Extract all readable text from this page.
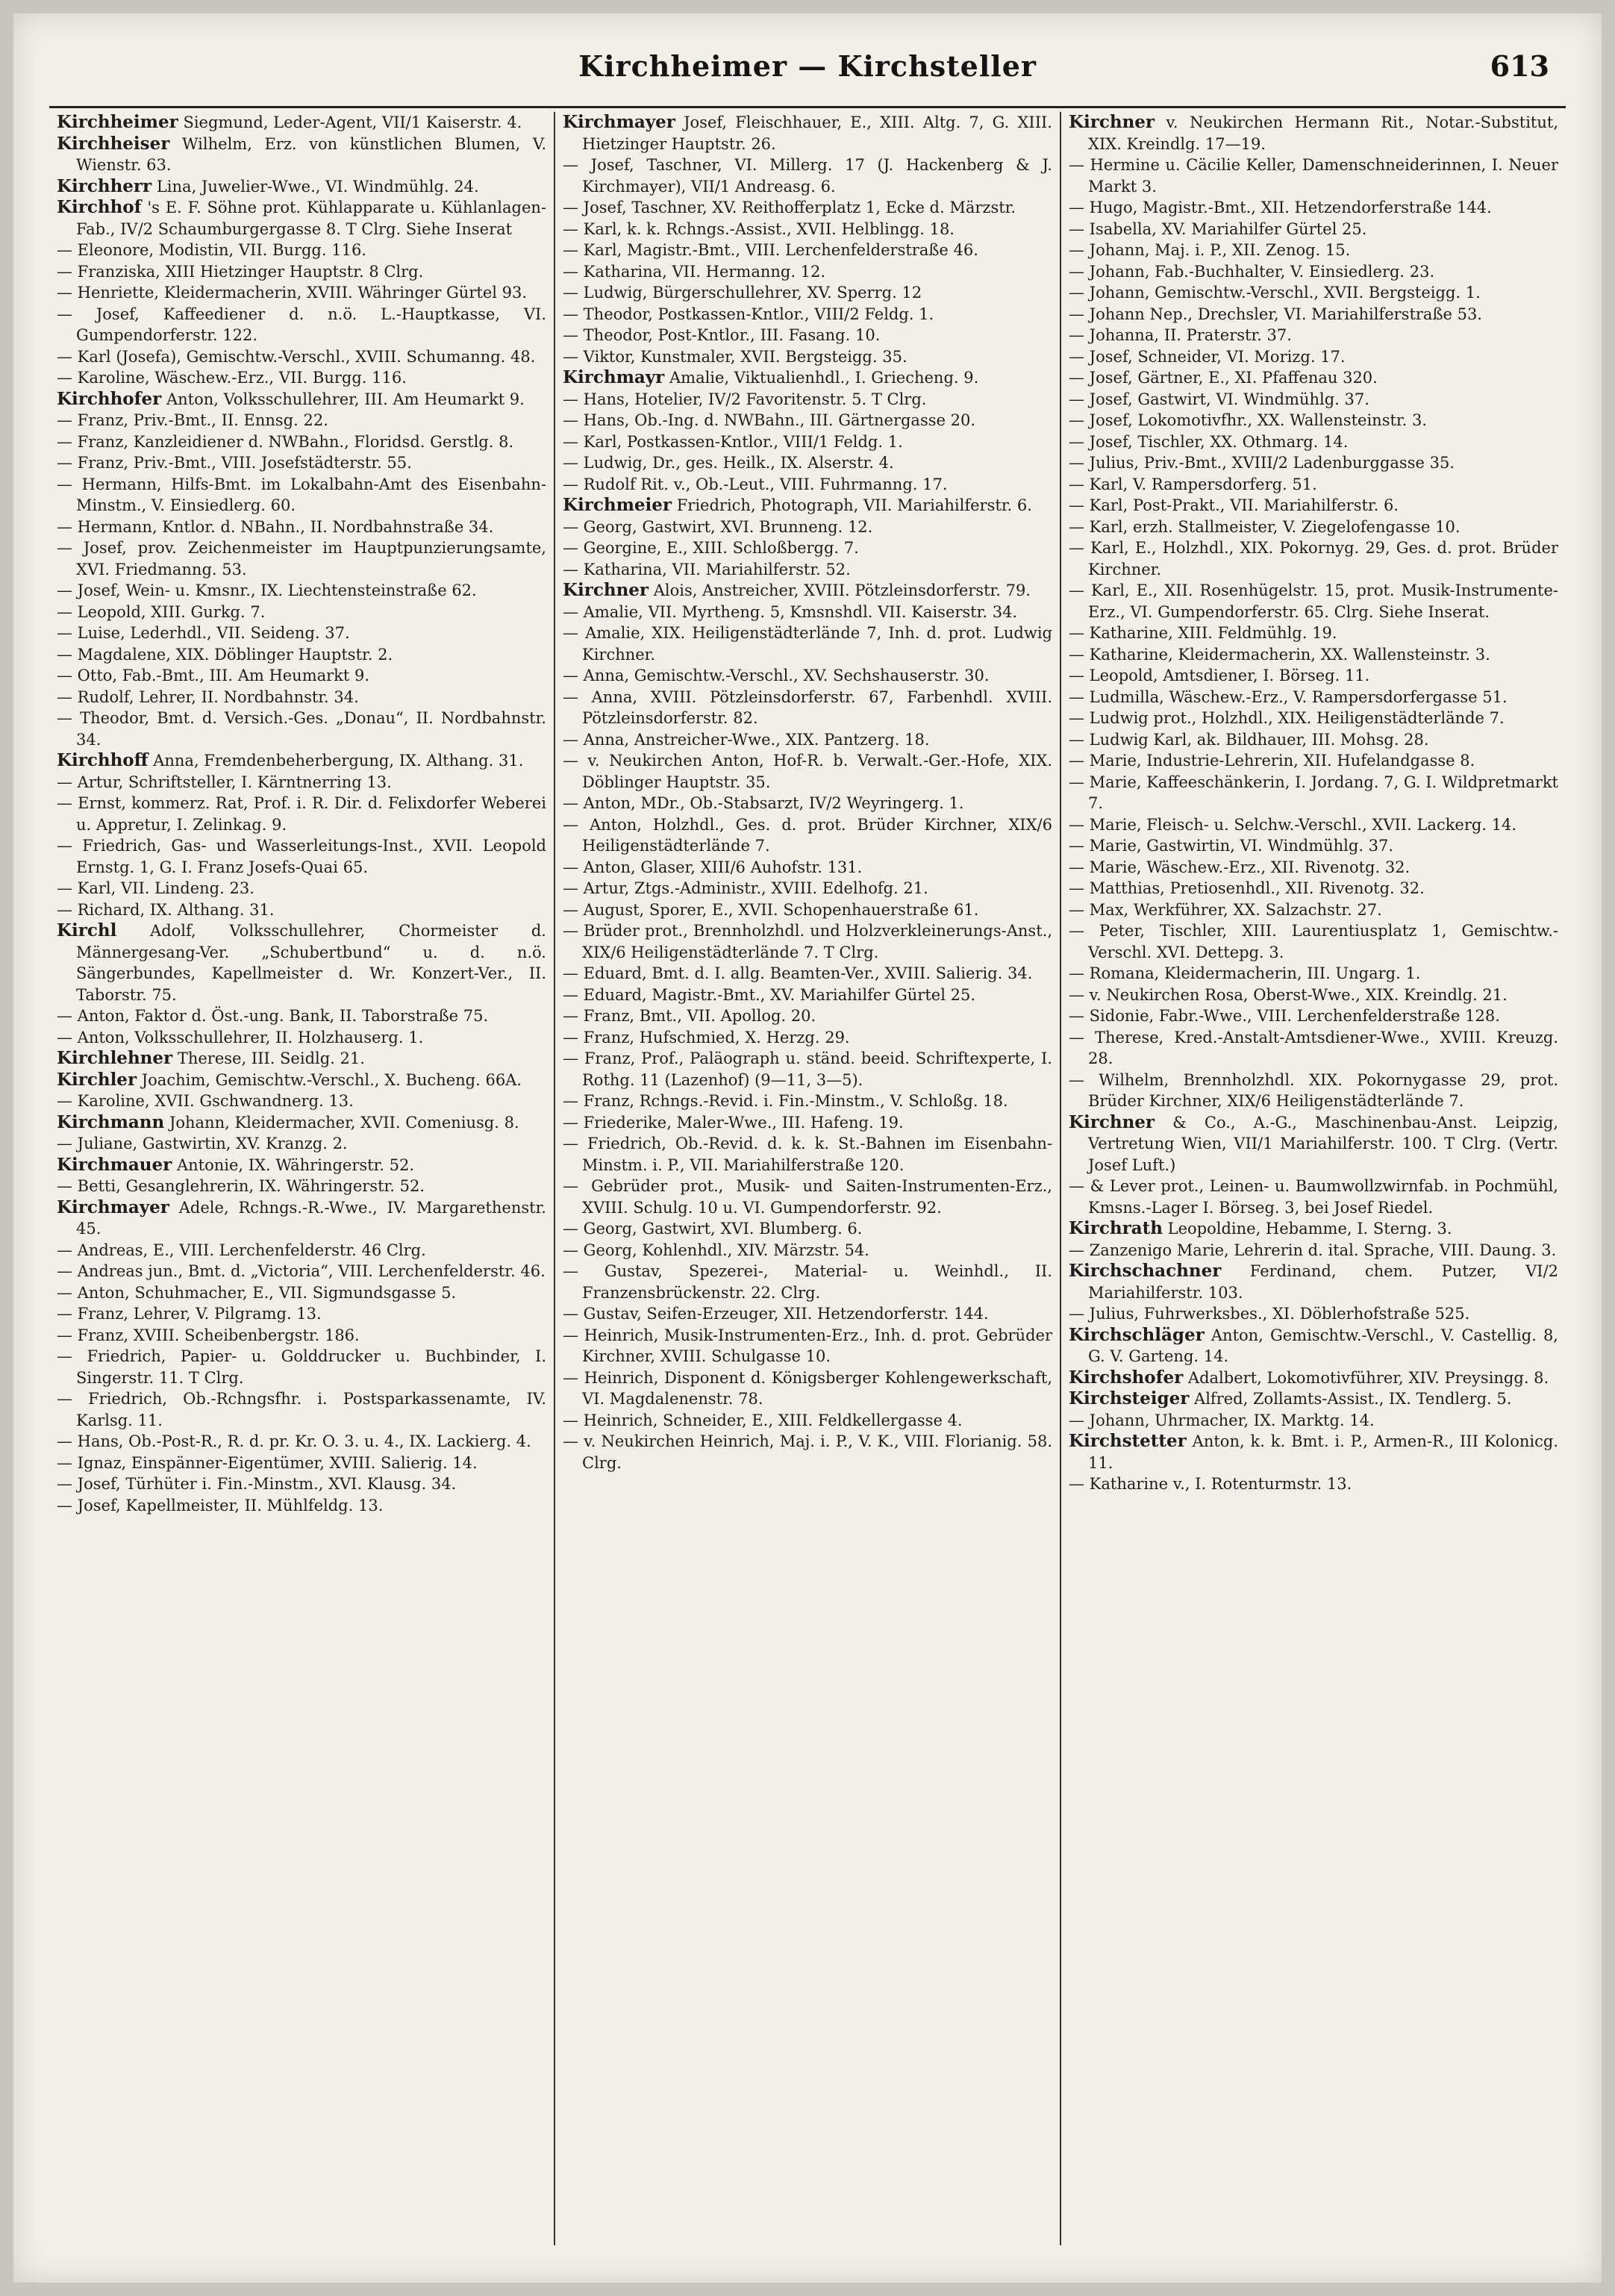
Kirchheimer — Kirchsteller	613
Kirchheimer Siegmund, Leder-Agent, VII/1 Kaiserstr. 4.
Kirchheiser Wilhelm, Erz. von künstlichen Blumen, V. Wienstr. 63.
Kirchherr Lina, Juwelier-Wwe., VI. Windmühlg. 24.
Kirchhof 's E. F. Söhne prot. Kühlapparate u. Kühlanlagen-Fab., IV/2 Schaumburgergasse 8. T Clrg. Siehe Inserat
— Eleonore, Modistin, VII. Burgg. 116.
— Franziska, XIII Hietzinger Hauptstr. 8 Clrg.
— Henriette, Kleidermacherin, XVIII. Währinger Gürtel 93.
— Josef, Kaffeediener d. n.ö. L.-Hauptkasse, VI. Gumpendorferstr. 122.
— Karl (Josefa), Gemischtw.-Verschl., XVIII. Schumanng. 48.
— Karoline, Wäschew.-Erz., VII. Burgg. 116.
Kirchhofer Anton, Volksschullehrer, III. Am Heumarkt 9.
— Franz, Priv.-Bmt., II. Ennsg. 22.
— Franz, Kanzleidiener d. NWBahn., Floridsd. Gerstlg. 8.
— Franz, Priv.-Bmt., VIII. Josefstädterstr. 55.
— Hermann, Hilfs-Bmt. im Lokalbahn-Amt des Eisenbahn-Minstm., V. Einsiedlerg. 60.
— Hermann, Kntlor. d. NBahn., II. Nordbahnstraße 34.
— Josef, prov. Zeichenmeister im Hauptpunzierungsamte, XVI. Friedmanng. 53.
— Josef, Wein- u. Kmsnr., IX. Liechtensteinstraße 62.
— Leopold, XIII. Gurkg. 7.
— Luise, Lederhdl., VII. Seideng. 37.
— Magdalene, XIX. Döblinger Hauptstr. 2.
— Otto, Fab.-Bmt., III. Am Heumarkt 9.
— Rudolf, Lehrer, II. Nordbahnstr. 34.
— Theodor, Bmt. d. Versich.-Ges. „Donau“, II. Nordbahnstr. 34.
Kirchhoff Anna, Fremdenbeherbergung, IX. Althang. 31.
— Artur, Schriftsteller, I. Kärntnerring 13.
— Ernst, kommerz. Rat, Prof. i. R. Dir. d. Felixdorfer Weberei u. Appretur, I. Zelinkag. 9.
— Friedrich, Gas- und Wasserleitungs-Inst., XVII. Leopold Ernstg. 1, G. I. Franz Josefs-Quai 65.
— Karl, VII. Lindeng. 23.
— Richard, IX. Althang. 31.
Kirchl Adolf, Volksschullehrer, Chormeister d. Männergesang-Ver. „Schubertbund“ u. d. n.ö. Sängerbundes, Kapellmeister d. Wr. Konzert-Ver., II. Taborstr. 75.
— Anton, Faktor d. Öst.-ung. Bank, II. Taborstraße 75.
— Anton, Volksschullehrer, II. Holzhauserg. 1.
Kirchlehner Therese, III. Seidlg. 21.
Kirchler Joachim, Gemischtw.-Verschl., X. Bucheng. 66A.
— Karoline, XVII. Gschwandnerg. 13.
Kirchmann Johann, Kleidermacher, XVII. Comeniusg. 8.
— Juliane, Gastwirtin, XV. Kranzg. 2.
Kirchmauer Antonie, IX. Währingerstr. 52.
— Betti, Gesanglehrerin, IX. Währingerstr. 52.
Kirchmayer Adele, Rchngs.-R.-Wwe., IV. Margarethenstr. 45.
— Andreas, E., VIII. Lerchenfelderstr. 46 Clrg.
— Andreas jun., Bmt. d. „Victoria“, VIII. Lerchenfelderstr. 46.
— Anton, Schuhmacher, E., VII. Sigmundsgasse 5.
— Franz, Lehrer, V. Pilgramg. 13.
— Franz, XVIII. Scheibenbergstr. 186.
— Friedrich, Papier- u. Golddrucker u. Buchbinder, I. Singerstr. 11. T Clrg.
— Friedrich, Ob.-Rchngsfhr. i. Postsparkassenamte, IV. Karlsg. 11.
— Hans, Ob.-Post-R., R. d. pr. Kr. O. 3. u. 4., IX. Lackierg. 4.
— Ignaz, Einspänner-Eigentümer, XVIII. Salierig. 14.
— Josef, Türhüter i. Fin.-Minstm., XVI. Klausg. 34.
— Josef, Kapellmeister, II. Mühlfeldg. 13.
Kirchmayer Josef, Fleischhauer, E., XIII. Altg. 7, G. XIII. Hietzinger Hauptstr. 26.
— Josef, Taschner, VI. Millerg. 17 (J. Hackenberg & J. Kirchmayer), VII/1 Andreasg. 6.
— Josef, Taschner, XV. Reithofferplatz 1, Ecke d. Märzstr.
— Karl, k. k. Rchngs.-Assist., XVII. Helblingg. 18.
— Karl, Magistr.-Bmt., VIII. Lerchenfelderstraße 46.
— Katharina, VII. Hermanng. 12.
— Ludwig, Bürgerschullehrer, XV. Sperrg. 12
— Theodor, Postkassen-Kntlor., VIII/2 Feldg. 1.
— Theodor, Post-Kntlor., III. Fasang. 10.
— Viktor, Kunstmaler, XVII. Bergsteigg. 35.
Kirchmayr Amalie, Viktualienhdl., I. Griecheng. 9.
— Hans, Hotelier, IV/2 Favoritenstr. 5. T Clrg.
— Hans, Ob.-Ing. d. NWBahn., III. Gärtnergasse 20.
— Karl, Postkassen-Kntlor., VIII/1 Feldg. 1.
— Ludwig, Dr., ges. Heilk., IX. Alserstr. 4.
— Rudolf Rit. v., Ob.-Leut., VIII. Fuhrmanng. 17.
Kirchmeier Friedrich, Photograph, VII. Mariahilferstr. 6.
— Georg, Gastwirt, XVI. Brunneng. 12.
— Georgine, E., XIII. Schloßbergg. 7.
— Katharina, VII. Mariahilferstr. 52.
Kirchner Alois, Anstreicher, XVIII. Pötzleinsdorferstr. 79.
— Amalie, VII. Myrtheng. 5, Kmsnshdl. VII. Kaiserstr. 34.
— Amalie, XIX. Heiligenstädterlände 7, Inh. d. prot. Ludwig Kirchner.
— Anna, Gemischtw.-Verschl., XV. Sechshauserstr. 30.
— Anna, XVIII. Pötzleinsdorferstr. 67, Farbenhdl. XVIII. Pötzleinsdorferstr. 82.
— Anna, Anstreicher-Wwe., XIX. Pantzerg. 18.
— v. Neukirchen Anton, Hof-R. b. Verwalt.-Ger.-Hofe, XIX. Döblinger Hauptstr. 35.
— Anton, MDr., Ob.-Stabsarzt, IV/2 Weyringerg. 1.
— Anton, Holzhdl., Ges. d. prot. Brüder Kirchner, XIX/6 Heiligenstädterlände 7.
— Anton, Glaser, XIII/6 Auhofstr. 131.
— Artur, Ztgs.-Administr., XVIII. Edelhofg. 21.
— August, Sporer, E., XVII. Schopenhauerstraße 61.
— Brüder prot., Brennholzhdl. und Holzverkleinerungs-Anst., XIX/6 Heiligenstädterlände 7. T Clrg.
— Eduard, Bmt. d. I. allg. Beamten-Ver., XVIII. Salierig. 34.
— Eduard, Magistr.-Bmt., XV. Mariahilfer Gürtel 25.
— Franz, Bmt., VII. Apollog. 20.
— Franz, Hufschmied, X. Herzg. 29.
— Franz, Prof., Paläograph u. ständ. beeid. Schriftexperte, I. Rothg. 11 (Lazenhof) (9—11, 3—5).
— Franz, Rchngs.-Revid. i. Fin.-Minstm., V. Schloßg. 18.
— Friederike, Maler-Wwe., III. Hafeng. 19.
— Friedrich, Ob.-Revid. d. k. k. St.-Bahnen im Eisenbahn-Minstm. i. P., VII. Mariahilferstraße 120.
— Gebrüder prot., Musik- und Saiten-Instrumenten-Erz., XVIII. Schulg. 10 u. VI. Gumpendorferstr. 92.
— Georg, Gastwirt, XVI. Blumberg. 6.
— Georg, Kohlenhdl., XIV. Märzstr. 54.
— Gustav, Spezerei-, Material- u. Weinhdl., II. Franzensbrückenstr. 22. Clrg.
— Gustav, Seifen-Erzeuger, XII. Hetzendorferstr. 144.
— Heinrich, Musik-Instrumenten-Erz., Inh. d. prot. Gebrüder Kirchner, XVIII. Schulgasse 10.
— Heinrich, Disponent d. Königsberger Kohlengewerkschaft, VI. Magdalenenstr. 78.
— Heinrich, Schneider, E., XIII. Feldkellergasse 4.
— v. Neukirchen Heinrich, Maj. i. P., V. K., VIII. Florianig. 58. Clrg.
Kirchner v. Neukirchen Hermann Rit., Notar.-Substitut, XIX. Kreindlg. 17—19.
— Hermine u. Cäcilie Keller, Damenschneiderinnen, I. Neuer Markt 3.
— Hugo, Magistr.-Bmt., XII. Hetzendorferstraße 144.
— Isabella, XV. Mariahilfer Gürtel 25.
— Johann, Maj. i. P., XII. Zenog. 15.
— Johann, Fab.-Buchhalter, V. Einsiedlerg. 23.
— Johann, Gemischtw.-Verschl., XVII. Bergsteigg. 1.
— Johann Nep., Drechsler, VI. Mariahilferstraße 53.
— Johanna, II. Praterstr. 37.
— Josef, Schneider, VI. Morizg. 17.
— Josef, Gärtner, E., XI. Pfaffenau 320.
— Josef, Gastwirt, VI. Windmühlg. 37.
— Josef, Lokomotivfhr., XX. Wallensteinstr. 3.
— Josef, Tischler, XX. Othmarg. 14.
— Julius, Priv.-Bmt., XVIII/2 Ladenburggasse 35.
— Karl, V. Rampersdorferg. 51.
— Karl, Post-Prakt., VII. Mariahilferstr. 6.
— Karl, erzh. Stallmeister, V. Ziegelofengasse 10.
— Karl, E., Holzhdl., XIX. Pokornyg. 29, Ges. d. prot. Brüder Kirchner.
— Karl, E., XII. Rosenhügelstr. 15, prot. Musik-Instrumente-Erz., VI. Gumpendorferstr. 65. Clrg. Siehe Inserat.
— Katharine, XIII. Feldmühlg. 19.
— Katharine, Kleidermacherin, XX. Wallensteinstr. 3.
— Leopold, Amtsdiener, I. Börseg. 11.
— Ludmilla, Wäschew.-Erz., V. Rampersdorfergasse 51.
— Ludwig prot., Holzhdl., XIX. Heiligenstädterlände 7.
— Ludwig Karl, ak. Bildhauer, III. Mohsg. 28.
— Marie, Industrie-Lehrerin, XII. Hufelandgasse 8.
— Marie, Kaffeeschänkerin, I. Jordang. 7, G. I. Wildpretmarkt 7.
— Marie, Fleisch- u. Selchw.-Verschl., XVII. Lackerg. 14.
— Marie, Gastwirtin, VI. Windmühlg. 37.
— Marie, Wäschew.-Erz., XII. Rivenotg. 32.
— Matthias, Pretiosenhdl., XII. Rivenotg. 32.
— Max, Werkführer, XX. Salzachstr. 27.
— Peter, Tischler, XIII. Laurentiusplatz 1, Gemischtw.-Verschl. XVI. Dettерg. 3.
— Romana, Kleidermacherin, III. Ungarg. 1.
— v. Neukirchen Rosa, Oberst-Wwe., XIX. Kreindlg. 21.
— Sidonie, Fabr.-Wwe., VIII. Lerchenfelderstraße 128.
— Therese, Kred.-Anstalt-Amtsdiener-Wwe., XVIII. Kreuzg. 28.
— Wilhelm, Brennholzhdl. XIX. Pokornygasse 29, prot. Brüder Kirchner, XIX/6 Heiligenstädterlände 7.
Kirchner & Co., A.-G., Maschinenbau-Anst. Leipzig, Vertretung Wien, VII/1 Mariahilferstr. 100. T Clrg. (Vertr. Josef Luft.)
— & Lever prot., Leinen- u. Baumwollzwirnfab. in Pochmühl, Kmsns.-Lager I. Börseg. 3, bei Josef Riedel.
Kirchrath Leopoldine, Hebamme, I. Sterng. 3.
— Zanzenigo Marie, Lehrerin d. ital. Sprache, VIII. Daung. 3.
Kirchschachner Ferdinand, chem. Putzer, VI/2 Mariahilferstr. 103.
— Julius, Fuhrwerksbes., XI. Döblerhofstraße 525.
Kirchschläger Anton, Gemischtw.-Verschl., V. Castellig. 8, G. V. Garteng. 14.
Kirchshofer Adalbert, Lokomotivführer, XIV. Preysingg. 8.
Kirchsteiger Alfred, Zollamts-Assist., IX. Tendlerg. 5.
— Johann, Uhrmacher, IX. Marktg. 14.
Kirchstetter Anton, k. k. Bmt. i. P., Armen-R., III Koloniсg. 11.
— Katharine v., I. Rotenturmstr. 13.
